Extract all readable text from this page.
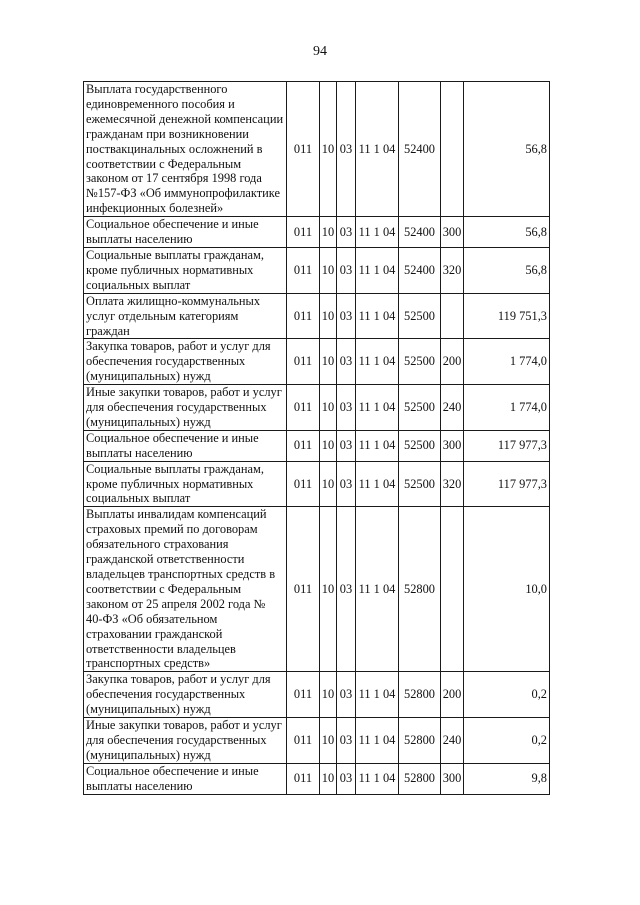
94
Выплата государственного единовременного пособия и ежемесячной денежной компенсации гражданам при возникновении поствакцинальных осложнений в соответствии с Федеральным законом от 17 сентября 1998 года №157-ФЗ «Об иммунопрофилактике инфекционных болезней»	011	10	03	11 1 04	52400		56,8
Социальное обеспечение и иные выплаты населению	011	10	03	11 1 04	52400	300	56,8
Социальные выплаты гражданам, кроме публичных нормативных социальных выплат	011	10	03	11 1 04	52400	320	56,8
Оплата жилищно-коммунальных услуг отдельным категориям граждан	011	10	03	11 1 04	52500		119 751,3
Закупка товаров, работ и услуг для обеспечения государственных (муниципальных) нужд	011	10	03	11 1 04	52500	200	1 774,0
Иные закупки товаров, работ и услуг для обеспечения государственных (муниципальных) нужд	011	10	03	11 1 04	52500	240	1 774,0
Социальное обеспечение и иные выплаты населению	011	10	03	11 1 04	52500	300	117 977,3
Социальные выплаты гражданам, кроме публичных нормативных социальных выплат	011	10	03	11 1 04	52500	320	117 977,3
Выплаты инвалидам компенсаций страховых премий по договорам обязательного страхования гражданской ответственности владельцев транспортных средств в соответствии с Федеральным законом от 25 апреля 2002 года № 40-ФЗ «Об обязательном страховании гражданской ответственности владельцев транспортных средств»	011	10	03	11 1 04	52800		10,0
Закупка товаров, работ и услуг для обеспечения государственных (муниципальных) нужд	011	10	03	11 1 04	52800	200	0,2
Иные закупки товаров, работ и услуг для обеспечения государственных (муниципальных) нужд	011	10	03	11 1 04	52800	240	0,2
Социальное обеспечение и иные выплаты населению	011	10	03	11 1 04	52800	300	9,8
